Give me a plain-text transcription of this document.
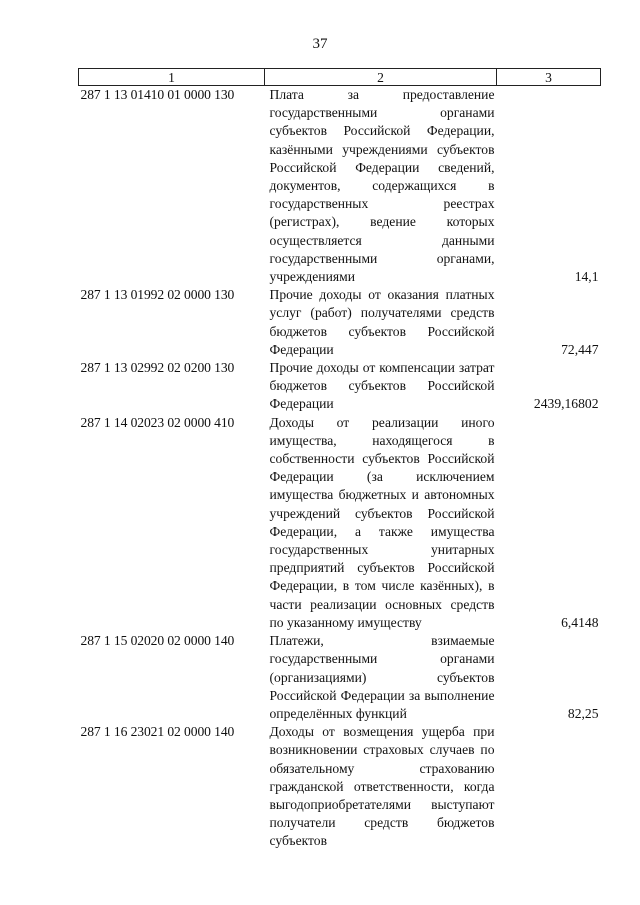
37
1	2	3
287 1 13 01410 01 0000 130	Плата за предоставление государственными органами субъектов Российской Федерации, казёнными учреждениями субъектов Российской Федерации сведений, документов, содержащихся в государственных реестрах (регистрах), ведение которых осуществляется данными государственными органами, учреждениями	14,1
287 1 13 01992 02 0000 130	Прочие доходы от оказания платных услуг (работ) получателями средств бюджетов субъектов Российской Федерации	72,447
287 1 13 02992 02 0200 130	Прочие доходы от компенсации затрат бюджетов субъектов Российской Федерации	2439,16802
287 1 14 02023 02 0000 410	Доходы от реализации иного имущества, находящегося в собственности субъектов Российской Федерации (за исключением имущества бюджетных и автономных учреждений субъектов Российской Федерации, а также имущества государственных унитарных предприятий субъектов Российской Федерации, в том числе казённых), в части реализации основных средств по указанному имуществу	6,4148
287 1 15 02020 02 0000 140	Платежи, взимаемые государственными органами (организациями) субъектов Российской Федерации за выполнение определённых функций	82,25
287 1 16 23021 02 0000 140	Доходы от возмещения ущерба при возникновении страховых случаев по обязательному страхованию гражданской ответственности, когда выгодоприобретателями выступают получатели средств бюджетов субъектов	
